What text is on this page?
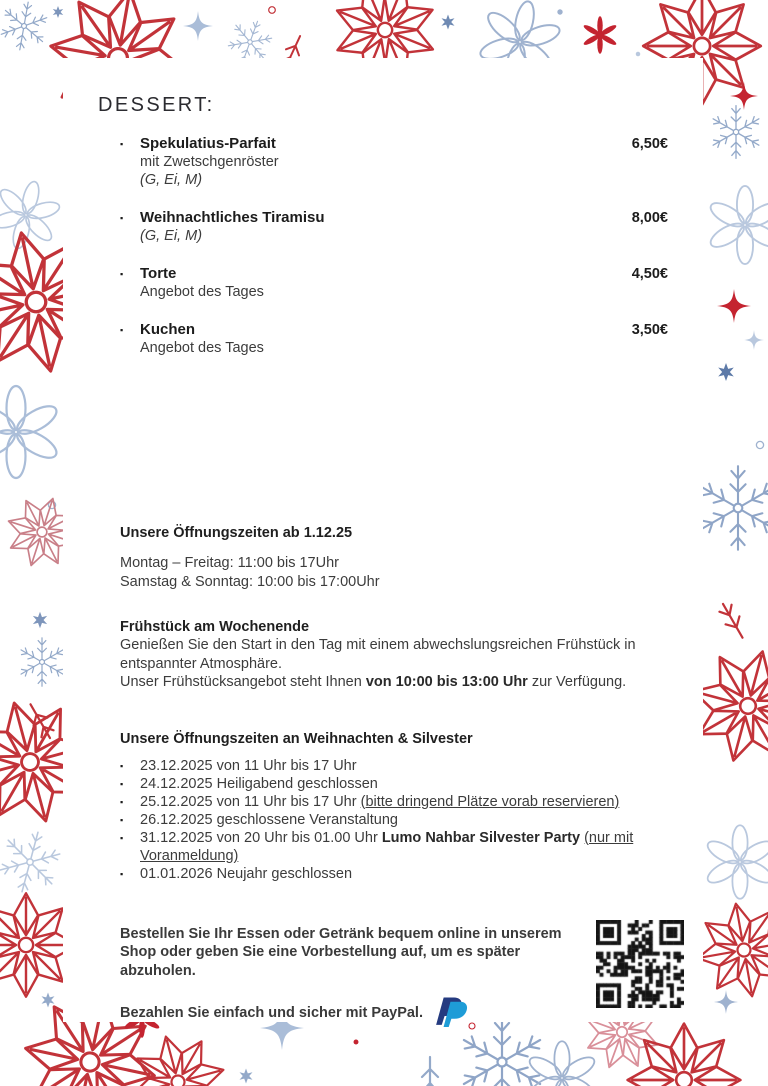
DESSERT:
▪
Spekulatius-Parfait
mit Zwetschgenröster
(G, Ei, M)
6,50€
▪
Weihnachtliches Tiramisu
(G, Ei, M)
8,00€
▪
Torte
Angebot des Tages
4,50€
▪
Kuchen
Angebot des Tages
3,50€

Unsere Öffnungszeiten ab 1.12.25

Montag – Freitag: 11:00 bis 17Uhr

Samstag & Sonntag: 10:00 bis 17:00Uhr

Frühstück am Wochenende

Genießen Sie den Start in den Tag mit einem abwechslungsreichen Frühstück in entspannter Atmosphäre.

Unser Frühstücksangebot steht Ihnen von 10:00 bis 13:00 Uhr zur Verfügung.

Unsere Öffnungszeiten an Weihnachten & Silvester

▪
23.12.2025 von 11 Uhr bis 17 Uhr
▪
24.12.2025 Heiligabend geschlossen
▪
25.12.2025 von 11 Uhr bis 17 Uhr (bitte dringend Plätze vorab reservieren)
▪
26.12.2025 geschlossene Veranstaltung
▪
31.12.2025 von 20 Uhr bis 01.00 Uhr Lumo Nahbar Silvester Party (nur mit Voranmeldung)
▪
01.01.2026 Neujahr geschlossen

Bestellen Sie Ihr Essen oder Getränk bequem online in unserem Shop oder geben Sie eine Vorbestellung auf, um es später abzuholen.

Bezahlen Sie einfach und sicher mit PayPal.
